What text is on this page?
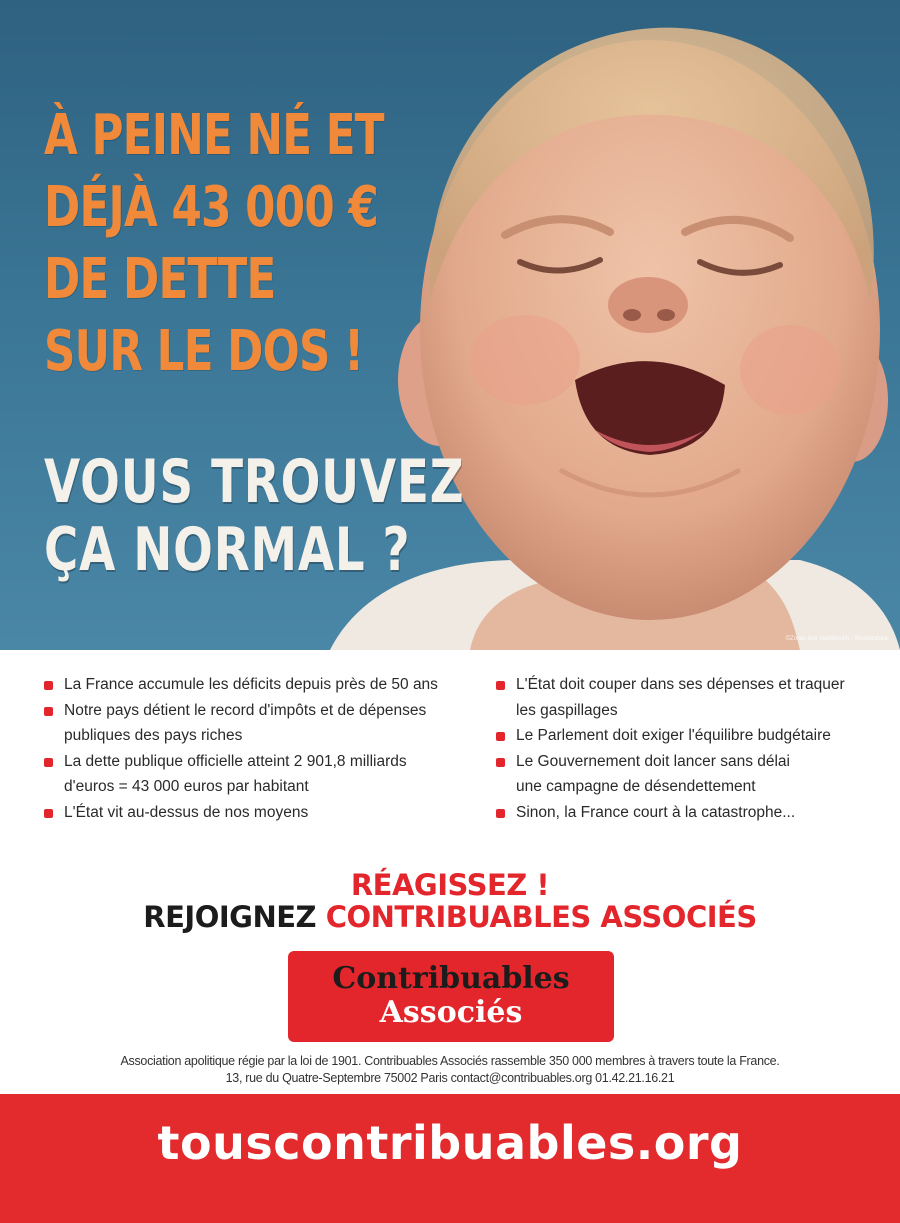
À PEINE NÉ ET
DÉJÀ 43 000 €
DE DETTE
SUR LE DOS !
VOUS TROUVEZ
ÇA NORMAL ?
©Zoran Kiril Vashkevich - Shutterstock
La France accumule les déficits depuis près de 50 ans
Notre pays détient le record d'impôts et de dépenses
publiques des pays riches
La dette publique officielle atteint 2 901,8 milliards
d'euros = 43 000 euros par habitant
L'État vit au-dessus de nos moyens
L'État doit couper dans ses dépenses et traquer
les gaspillages
Le Parlement doit exiger l'équilibre budgétaire
Le Gouvernement doit lancer sans délai
une campagne de désendettement
Sinon, la France court à la catastrophe...
RÉAGISSEZ !
REJOIGNEZ CONTRIBUABLES ASSOCIÉS
Contribuables
Associés
Association apolitique régie par la loi de 1901. Contribuables Associés rassemble 350 000 membres à travers toute la France.
13, rue du Quatre-Septembre 75002 Paris contact@contribuables.org 01.42.21.16.21
touscontribuables.org
